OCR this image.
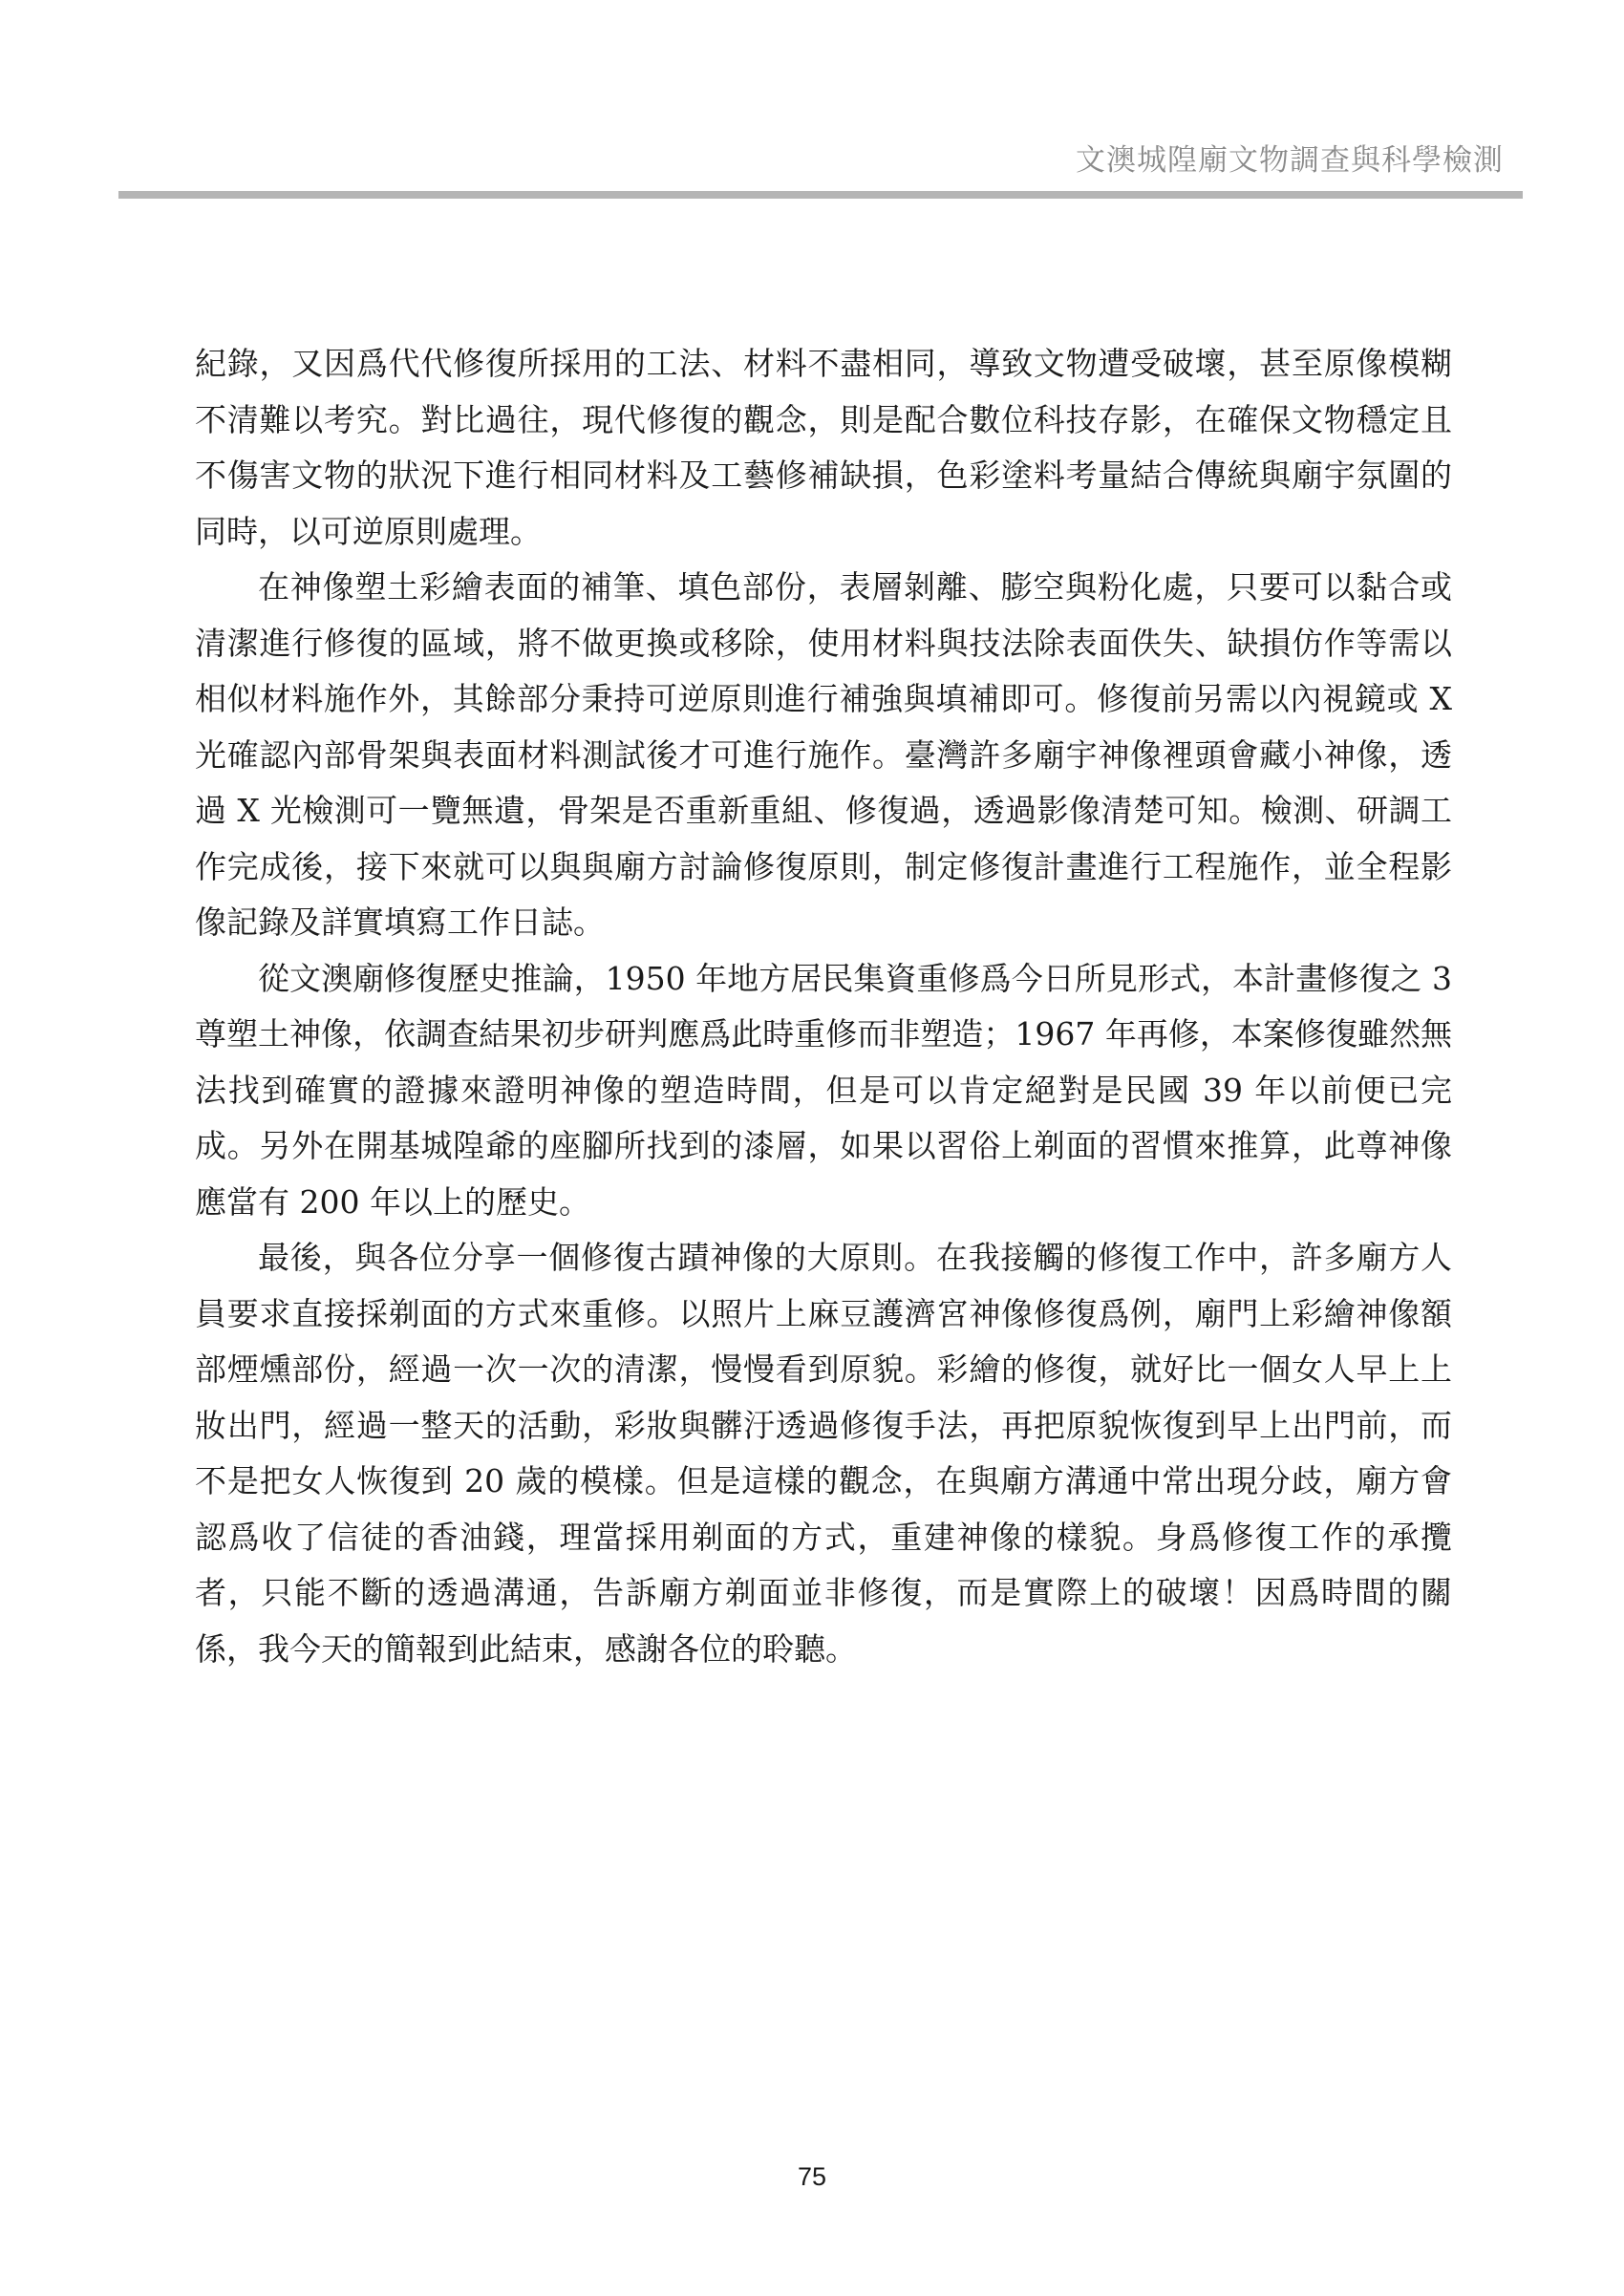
文澳城隍廟文物調查與科學檢測

紀錄，又因爲代代修復所採用的工法、材料不盡相同，導致文物遭受破壞，甚至原像模糊不清難以考究。對比過往，現代修復的觀念，則是配合數位科技存影，在確保文物穩定且不傷害文物的狀況下進行相同材料及工藝修補缺損，色彩塗料考量結合傳統與廟宇氛圍的同時，以可逆原則處理。

在神像塑土彩繪表面的補筆、填色部份，表層剝離、膨空與粉化處，只要可以黏合或清潔進行修復的區域，將不做更換或移除，使用材料與技法除表面佚失、缺損仿作等需以相似材料施作外，其餘部分秉持可逆原則進行補強與填補即可。修復前另需以內視鏡或 X 光確認內部骨架與表面材料測試後才可進行施作。臺灣許多廟宇神像裡頭會藏小神像，透過 X 光檢測可一覽無遺，骨架是否重新重組、修復過，透過影像清楚可知。檢測、研調工作完成後，接下來就可以與與廟方討論修復原則，制定修復計畫進行工程施作，並全程影像記錄及詳實填寫工作日誌。

從文澳廟修復歷史推論，1950 年地方居民集資重修爲今日所見形式，本計畫修復之 3 尊塑土神像，依調查結果初步研判應爲此時重修而非塑造；1967 年再修，本案修復雖然無法找到確實的證據來證明神像的塑造時間，但是可以肯定絕對是民國 39 年以前便已完成。另外在開基城隍爺的座腳所找到的漆層，如果以習俗上剃面的習慣來推算，此尊神像應當有 200 年以上的歷史。

最後，與各位分享一個修復古蹟神像的大原則。在我接觸的修復工作中，許多廟方人員要求直接採剃面的方式來重修。以照片上麻豆護濟宮神像修復爲例，廟門上彩繪神像額部煙燻部份，經過一次一次的清潔，慢慢看到原貌。彩繪的修復，就好比一個女人早上上妝出門，經過一整天的活動，彩妝與髒汙透過修復手法，再把原貌恢復到早上出門前，而不是把女人恢復到 20 歲的模樣。但是這樣的觀念，在與廟方溝通中常出現分歧，廟方會認爲收了信徒的香油錢，理當採用剃面的方式，重建神像的樣貌。身爲修復工作的承攬者，只能不斷的透過溝通，告訴廟方剃面並非修復，而是實際上的破壞！因爲時間的關係，我今天的簡報到此結束，感謝各位的聆聽。

75
